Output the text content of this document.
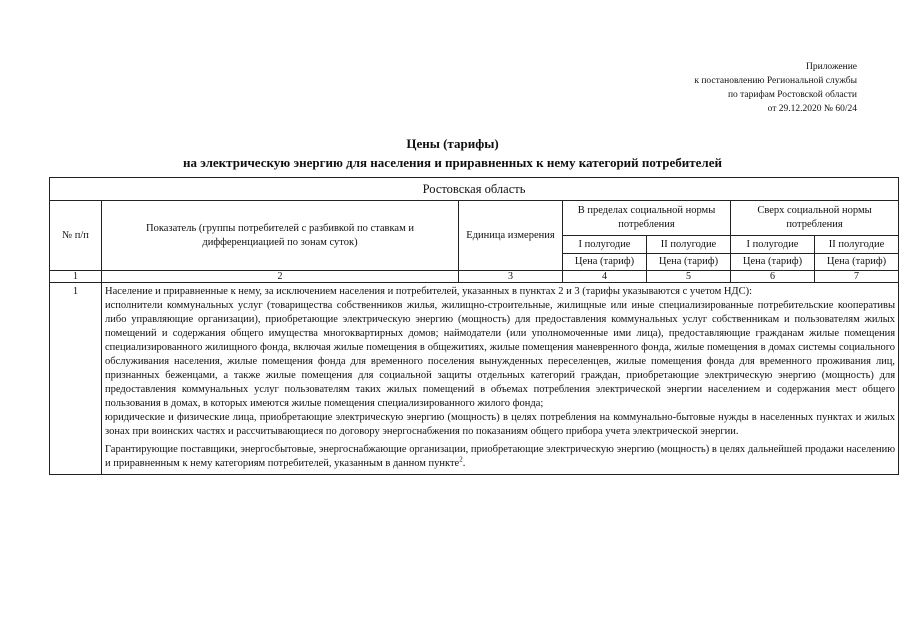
Приложение
к постановлению Региональной службы
по тарифам Ростовской области
от 29.12.2020 № 60/24
Цены (тарифы)
на электрическую энергию для населения и приравненных к нему категорий потребителей
Ростовская область						
№ п/п	Показатель (группы потребителей с разбивкой по ставкам и дифференциацией по зонам суток)	Единица измерения	В пределах социальной нормы потребления		Сверх социальной нормы потребления	
			I полугодие	II полугодие	I полугодие	II полугодие
			Цена (тариф)	Цена (тариф)	Цена (тариф)	Цена (тариф)
1	2	3	4	5	6	7
1	Население и приравненные к нему, за исключением населения и потребителей, указанных в пунктах 2 и 3 (тарифы указываются с учетом НДС):

исполнители коммунальных услуг (товарищества собственников жилья, жилищно-строительные, жилищные или иные специализированные потребительские кооперативы либо управляющие организации), приобретающие электрическую энергию (мощность) для предоставления коммунальных услуг собственникам и пользователям жилых помещений и содержания общего имущества многоквартирных домов; наймодатели (или уполномоченные ими лица), предоставляющие гражданам жилые помещения специализированного жилищного фонда, включая жилые помещения в общежитиях, жилые помещения маневренного фонда, жилые помещения в домах системы социального обслуживания населения, жилые помещения фонда для временного поселения вынужденных переселенцев, жилые помещения фонда для временного проживания лиц, признанных беженцами, а также жилые помещения для социальной защиты отдельных категорий граждан, приобретающие электрическую энергию (мощность) для предоставления коммунальных услуг пользователям таких жилых помещений в объемах потребления электрической энергии населением и содержания мест общего пользования в домах, в которых имеются жилые помещения специализированного жилого фонда;

юридические и физические лица, приобретающие электрическую энергию (мощность) в целях потребления на коммунально-бытовые нужды в населенных пунктах и жилых зонах при воинских частях и рассчитывающиеся по договору энергоснабжения по показаниям общего прибора учета электрической энергии.

Гарантирующие поставщики, энергосбытовые, энергоснабжающие организации, приобретающие электрическую энергию (мощность) в целях дальнейшей продажи населению и приравненным к нему категориям потребителей, указанным в данном пункте$^2$.					
